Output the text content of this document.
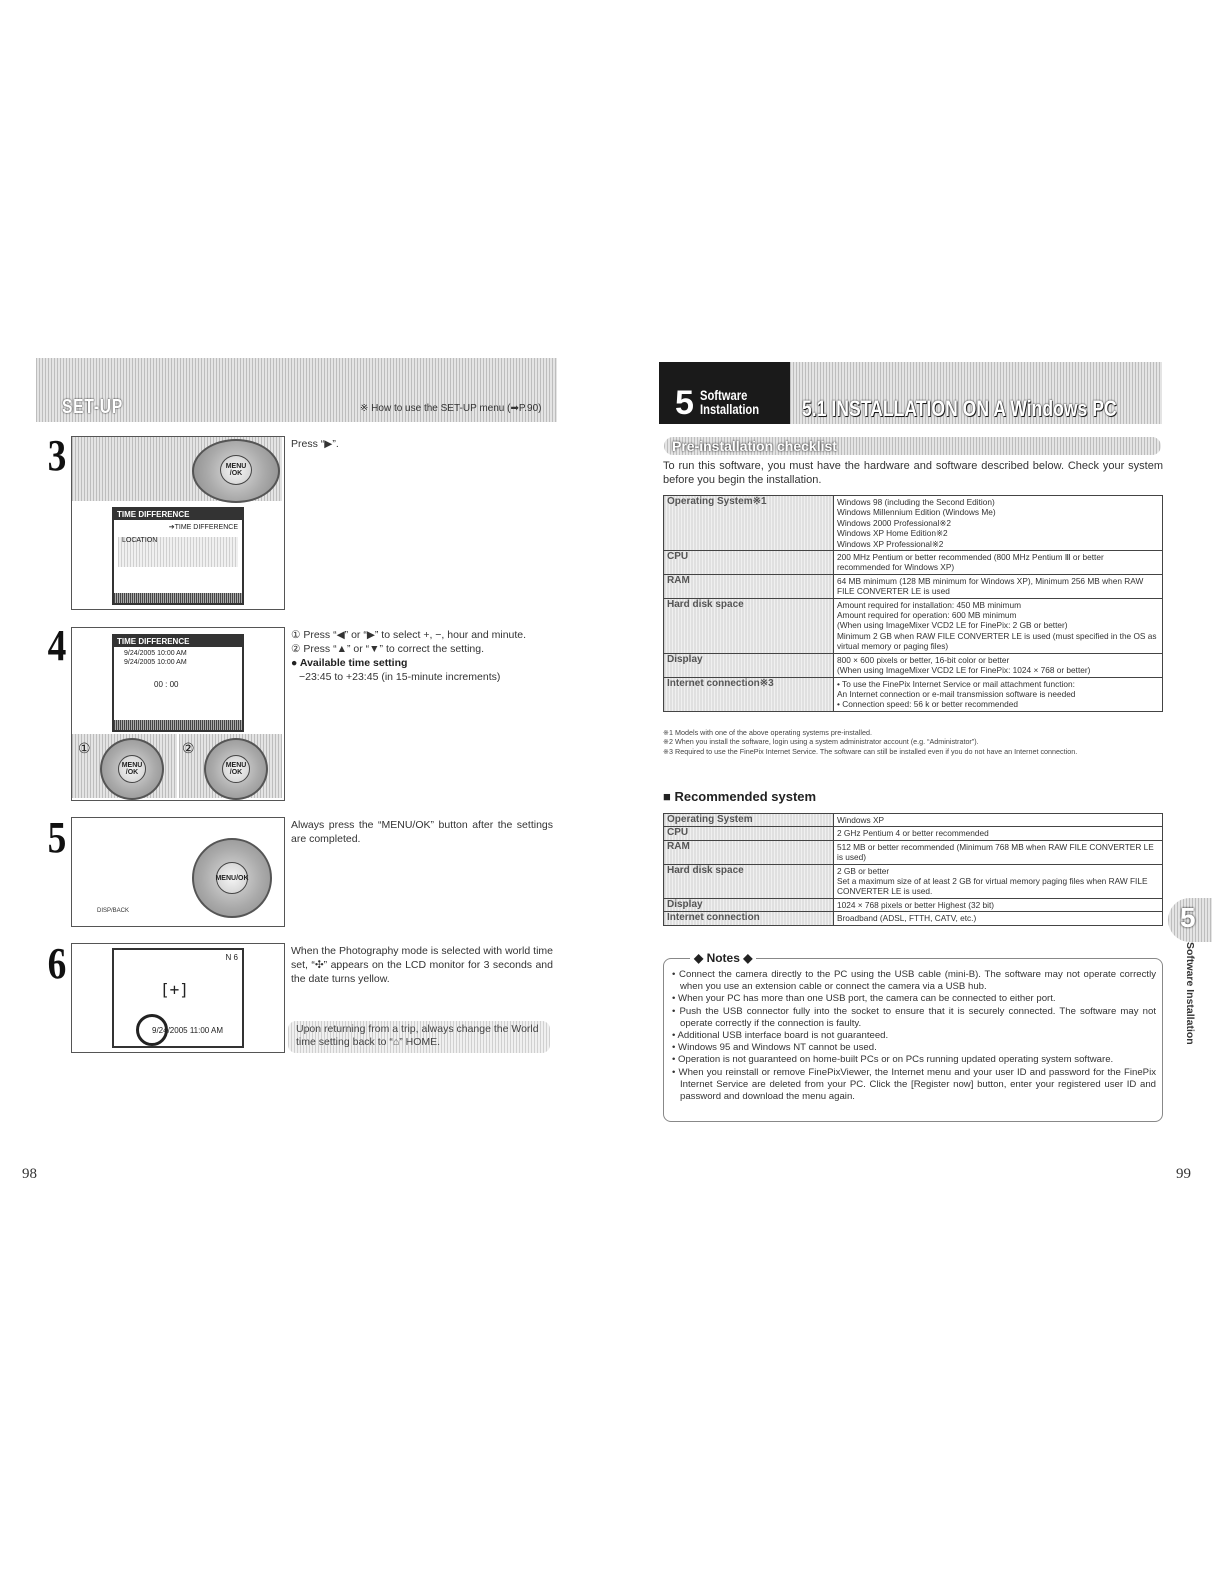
SET-UP	※ How to use the SET-UP menu (➡P.90)
3	MENU
/OK
TIME DIFFERENCE
➔TIME DIFFERENCE
LOCATION
Press “▶”.
4	TIME DIFFERENCE
9/24/2005 10:00 AM
9/24/2005 10:00 AM
00 : 00
MENU
/OK
MENU
/OK
①	②
① Press “◀” or “▶” to select +, −, hour and minute.
② Press “▲” or “▼” to correct the setting.
● Available time setting
−23:45 to +23:45 (in 15-minute increments)
5
MENU/OK
DISP/BACK
Always press the “MENU/OK” button after the settings are completed.
6	N 6
[+]
9/24/2005 11:00 AM
When the Photography mode is selected with world time set, “✣” appears on the LCD monitor for 3 seconds and the date turns yellow.
Upon returning from a trip, always change the World time setting back to “⌂” HOME.
98
5 Software
Installation 5.1 INSTALLATION ON A Windows PC
Pre-installation checklist
To run this software, you must have the hardware and software described below. Check your system before you begin the installation.
Operating System※1	Windows 98 (including the Second Edition)
Windows Millennium Edition (Windows Me)
Windows 2000 Professional※2
Windows XP Home Edition※2
Windows XP Professional※2

CPU	200 MHz Pentium or better recommended (800 MHz Pentium Ⅲ or better recommended for Windows XP)

RAM	64 MB minimum (128 MB minimum for Windows XP), Minimum 256 MB when RAW FILE CONVERTER LE is used

Hard disk space	Amount required for installation: 450 MB minimum
Amount required for operation: 600 MB minimum
(When using ImageMixer VCD2 LE for FinePix: 2 GB or better)
Minimum 2 GB when RAW FILE CONVERTER LE is used (must specified in the OS as virtual memory or paging files)

Display	800 × 600 pixels or better, 16-bit color or better
(When using ImageMixer VCD2 LE for FinePix: 1024 × 768 or better)

Internet connection※3	• To use the FinePix Internet Service or mail attachment function:
An Internet connection or e-mail transmission software is needed
• Connection speed: 56 k or better recommended
※1 Models with one of the above operating systems pre-installed.
※2 When you install the software, login using a system administrator account (e.g. “Administrator”).
※3 Required to use the FinePix Internet Service. The software can still be installed even if you do not have an Internet connection.
■ Recommended system
Operating System	Windows XP

CPU	2 GHz Pentium 4 or better recommended

RAM	512 MB or better recommended (Minimum 768 MB when RAW FILE CONVERTER LE is used)

Hard disk space	2 GB or better
Set a maximum size of at least 2 GB for virtual memory paging files when RAW FILE CONVERTER LE is used.

Display	1024 × 768 pixels or better Highest (32 bit)

Internet connection	Broadband (ADSL, FTTH, CATV, etc.)
◆ Notes ◆
• Connect the camera directly to the PC using the USB cable (mini-B). The software may not operate correctly when you use an extension cable or connect the camera via a USB hub.
• When your PC has more than one USB port, the camera can be connected to either port.
• Push the USB connector fully into the socket to ensure that it is securely connected. The software may not operate correctly if the connection is faulty.
• Additional USB interface board is not guaranteed.
• Windows 95 and Windows NT cannot be used.
• Operation is not guaranteed on home-built PCs or on PCs running updated operating system software.
• When you reinstall or remove FinePixViewer, the Internet menu and your user ID and password for the FinePix Internet Service are deleted from your PC. Click the [Register now] button, enter your registered user ID and password and download the menu again.
5
Software Installation
99
